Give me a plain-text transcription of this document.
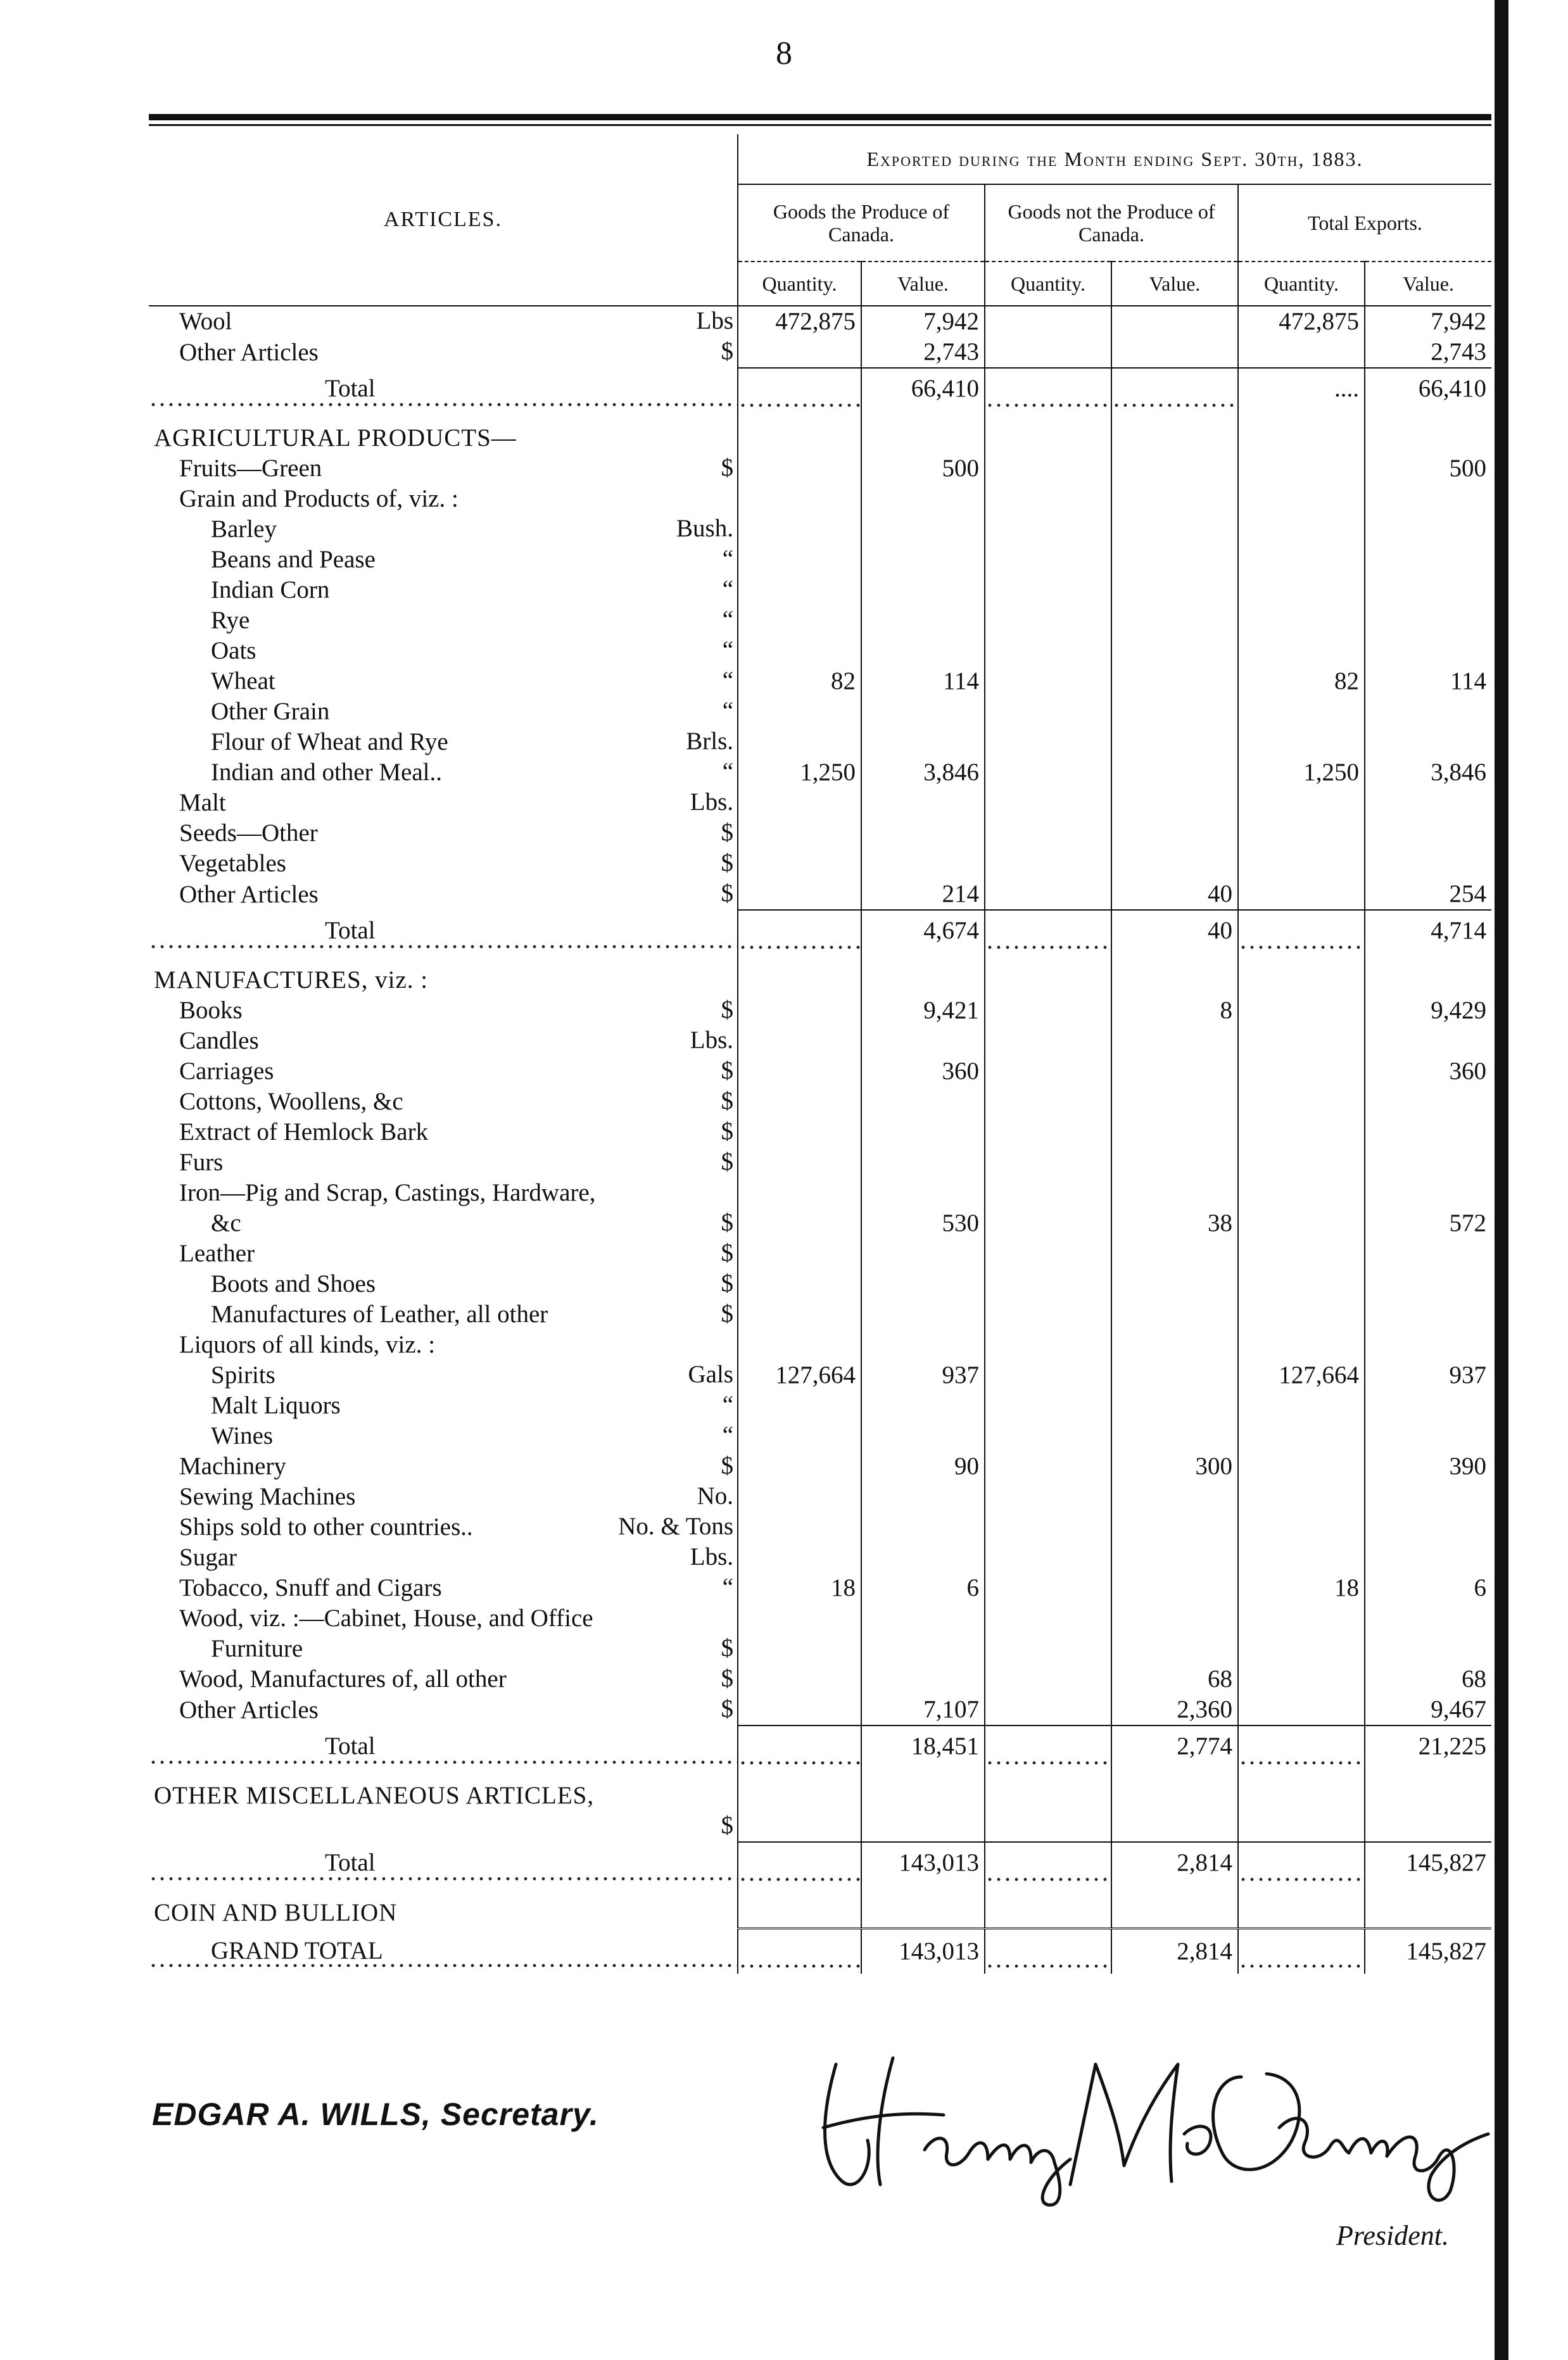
8
ARTICLES.	Exported during the Month ending Sept. 30th, 1883.					
	Goods the Produce of Canada.		Goods not the Produce of Canada.		Total Exports.	
	Quantity.	Value.	Quantity.	Value.	Quantity.	Value.
Wool Lbs	472,875	7,942			472,875	7,942
Other Articles $		2,743				2,743
Total		66,410			....	66,410

AGRICULTURAL PRODUCTS—						
Fruits—Green $		500				500
Grain and Products of, viz. :						
Barley Bush.						

Beans and Pease “						

Indian Corn “						

Rye “						

Oats “						

Wheat “	82	114			82	114
Other Grain “						

Flour of Wheat and Rye Brls.						

Indian and other Meal.. “	1,250	3,846			1,250	3,846
Malt Lbs.						

Seeds—Other $						

Vegetables $						

Other Articles $		214		40		254
Total		4,674		40		4,714

MANUFACTURES, viz. :						
Books $		9,421		8		9,429
Candles Lbs.						

Carriages $		360				360
Cottons, Woollens, &c $						

Extract of Hemlock Bark $						

Furs $						

Iron—Pig and Scrap, Castings, Hardware,						
&c $		530		38		572
Leather $						

Boots and Shoes $						

Manufactures of Leather, all other $						

Liquors of all kinds, viz. :						
Spirits Gals	127,664	937			127,664	937
Malt Liquors “						

Wines “						

Machinery $		90		300		390
Sewing Machines No.						

Ships sold to other countries.. No. & Tons						

Sugar Lbs.						

Tobacco, Snuff and Cigars “	18	6			18	6
Wood, viz. :—Cabinet, House, and Office						
Furniture $						

Wood, Manufactures of, all other $				68		68
Other Articles $		7,107		2,360		9,467
Total		18,451		2,774		21,225

OTHER MISCELLANEOUS ARTICLES,						

$						

Total		143,013		2,814		145,827

COIN AND BULLION						
GRAND TOTAL		143,013		2,814		145,827
EDGAR A. WILLS, Secretary.
President.
